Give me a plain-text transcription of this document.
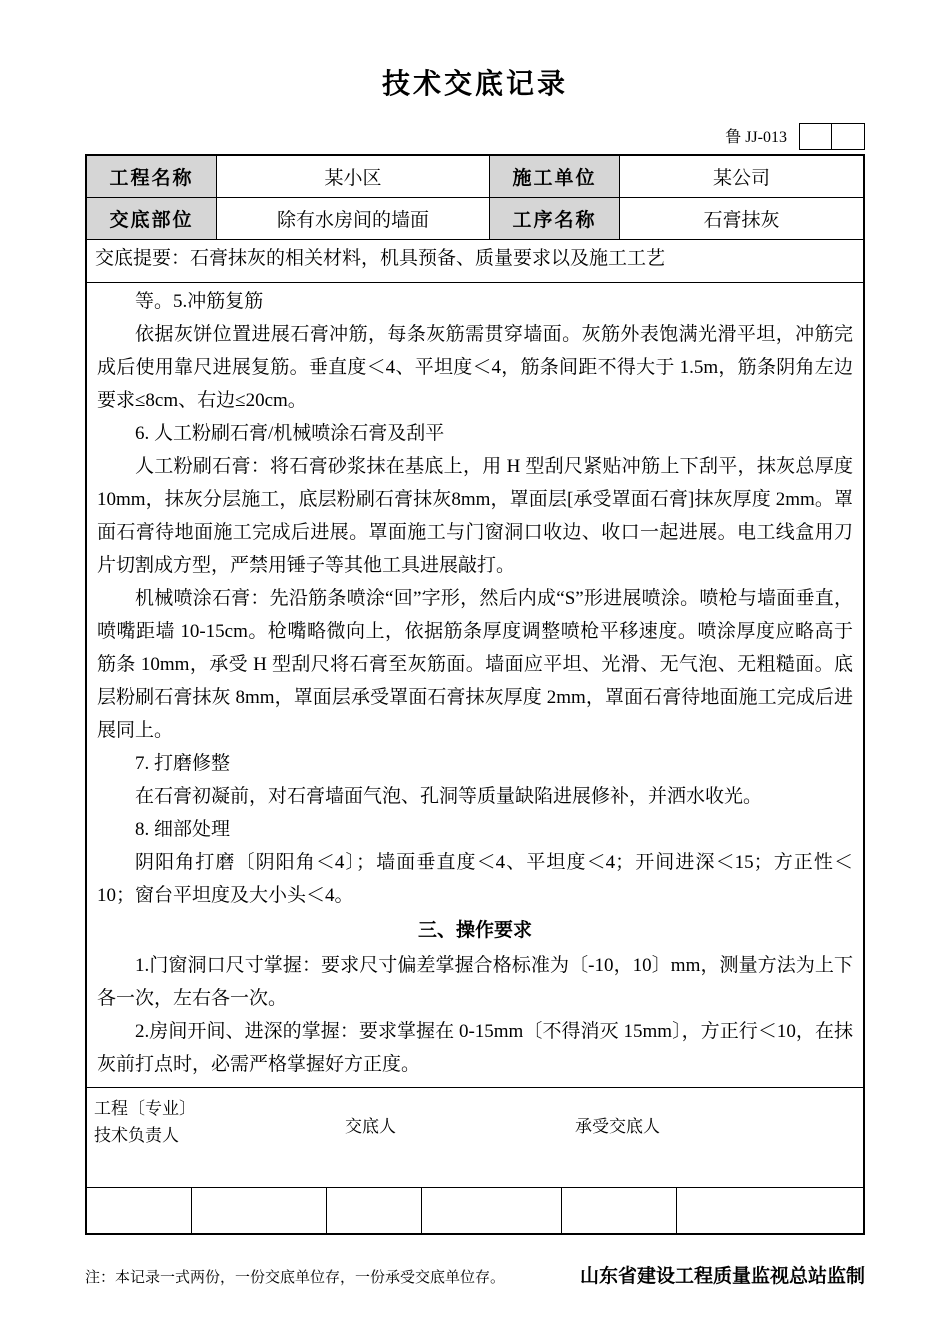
技术交底记录
鲁 JJ-013
工程名称	某小区	施工单位	某公司
交底部位	除有水房间的墙面	工序名称	石膏抹灰
交底提要：石膏抹灰的相关材料，机具预备、质量要求以及施工工艺

等。5.冲筋复筋

依据灰饼位置进展石膏冲筋，每条灰筋需贯穿墙面。灰筋外表饱满光滑平坦，冲筋完成后使用靠尺进展复筋。垂直度＜4、平坦度＜4，筋条间距不得大于 1.5m，筋条阴角左边要求≤8cm、右边≤20cm。

6. 人工粉刷石膏/机械喷涂石膏及刮平

人工粉刷石膏：将石膏砂浆抹在基底上，用 H 型刮尺紧贴冲筋上下刮平，抹灰总厚度10mm，抹灰分层施工，底层粉刷石膏抹灰8mm，罩面层[承受罩面石膏]抹灰厚度 2mm。罩面石膏待地面施工完成后进展。罩面施工与门窗洞口收边、收口一起进展。电工线盒用刀片切割成方型，严禁用锤子等其他工具进展敲打。

机械喷涂石膏：先沿筋条喷涂“回”字形，然后内成“S”形进展喷涂。喷枪与墙面垂直，喷嘴距墙 10-15cm。枪嘴略微向上，依据筋条厚度调整喷枪平移速度。喷涂厚度应略高于筋条 10mm，承受 H 型刮尺将石膏至灰筋面。墙面应平坦、光滑、无气泡、无粗糙面。底层粉刷石膏抹灰 8mm，罩面层承受罩面石膏抹灰厚度 2mm，罩面石膏待地面施工完成后进展同上。

7. 打磨修整

在石膏初凝前，对石膏墙面气泡、孔洞等质量缺陷进展修补，并洒水收光。

8. 细部处理

阴阳角打磨〔阴阳角＜4〕；墙面垂直度＜4、平坦度＜4；开间进深＜15；方正性＜10；窗台平坦度及大小头＜4。

三、操作要求

1.门窗洞口尺寸掌握：要求尺寸偏差掌握合格标准为〔-10，10〕mm，测量方法为上下各一次，左右各一次。

2.房间开间、进深的掌握：要求掌握在 0-15mm〔不得消灭 15mm〕，方正行＜10，在抹灰前打点时，必需严格掌握好方正度。

工程〔专业〕
技术负责人	交底人	承受交底人
注：本记录一式两份，一份交底单位存，一份承受交底单位存。	山东省建设工程质量监视总站监制
